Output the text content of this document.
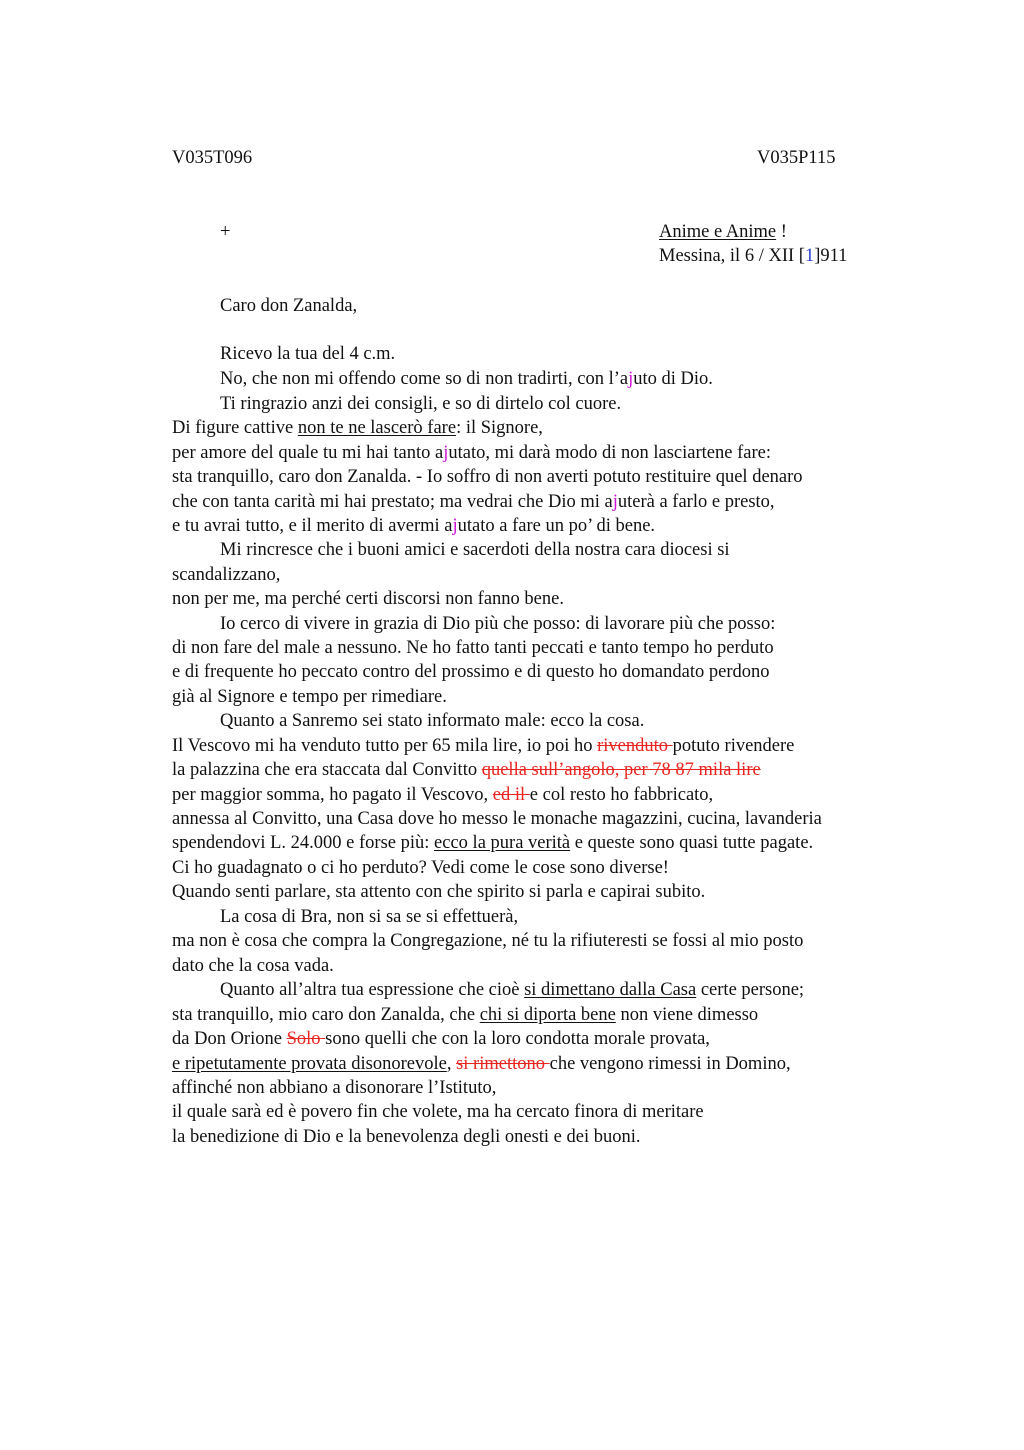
V035T096	V035P115
+	Anime e Anime !
Messina, il 6 / XII [1]911
Caro don Zanalda,
Ricevo la tua del 4 c.m.
No, che non mi offendo come so di non tradirti, con l’ajuto di Dio.
Ti ringrazio anzi dei consigli, e so di dirtelo col cuore.
Di figure cattive non te ne lascerò fare: il Signore,
per amore del quale tu mi hai tanto ajutato, mi darà modo di non lasciartene fare:
sta tranquillo, caro don Zanalda. - Io soffro di non averti potuto restituire quel denaro
che con tanta carità mi hai prestato; ma vedrai che Dio mi ajuterà a farlo e presto,
e tu avrai tutto, e il merito di avermi ajutato a fare un po’ di bene.
Mi rincresce che i buoni amici e sacerdoti della nostra cara diocesi si
scandalizzano,
non per me, ma perché certi discorsi non fanno bene.
Io cerco di vivere in grazia di Dio più che posso: di lavorare più che posso:
di non fare del male a nessuno. Ne ho fatto tanti peccati e tanto tempo ho perduto
e di frequente ho peccato contro del prossimo e di questo ho domandato perdono
già al Signore e tempo per rimediare.
Quanto a Sanremo sei stato informato male: ecco la cosa.
Il Vescovo mi ha venduto tutto per 65 mila lire, io poi ho rivenduto potuto rivendere
la palazzina che era staccata dal Convitto quella sull’angolo, per 78 87 mila lire
per maggior somma, ho pagato il Vescovo, ed il e col resto ho fabbricato,
annessa al Convitto, una Casa dove ho messo le monache magazzini, cucina, lavanderia
spendendovi L. 24.000 e forse più: ecco la pura verità e queste sono quasi tutte pagate.
Ci ho guadagnato o ci ho perduto? Vedi come le cose sono diverse!
Quando senti parlare, sta attento con che spirito si parla e capirai subito.
La cosa di Bra, non si sa se si effettuerà,
ma non è cosa che compra la Congregazione, né tu la rifiuteresti se fossi al mio posto
dato che la cosa vada.
Quanto all’altra tua espressione che cioè si dimettano dalla Casa certe persone;
sta tranquillo, mio caro don Zanalda, che chi si diporta bene non viene dimesso
da Don Orione Solo sono quelli che con la loro condotta morale provata,
e ripetutamente provata disonorevole, si rimettono che vengono rimessi in Domino,
affinché non abbiano a disonorare l’Istituto,
il quale sarà ed è povero fin che volete, ma ha cercato finora di meritare
la benedizione di Dio e la benevolenza degli onesti e dei buoni.
